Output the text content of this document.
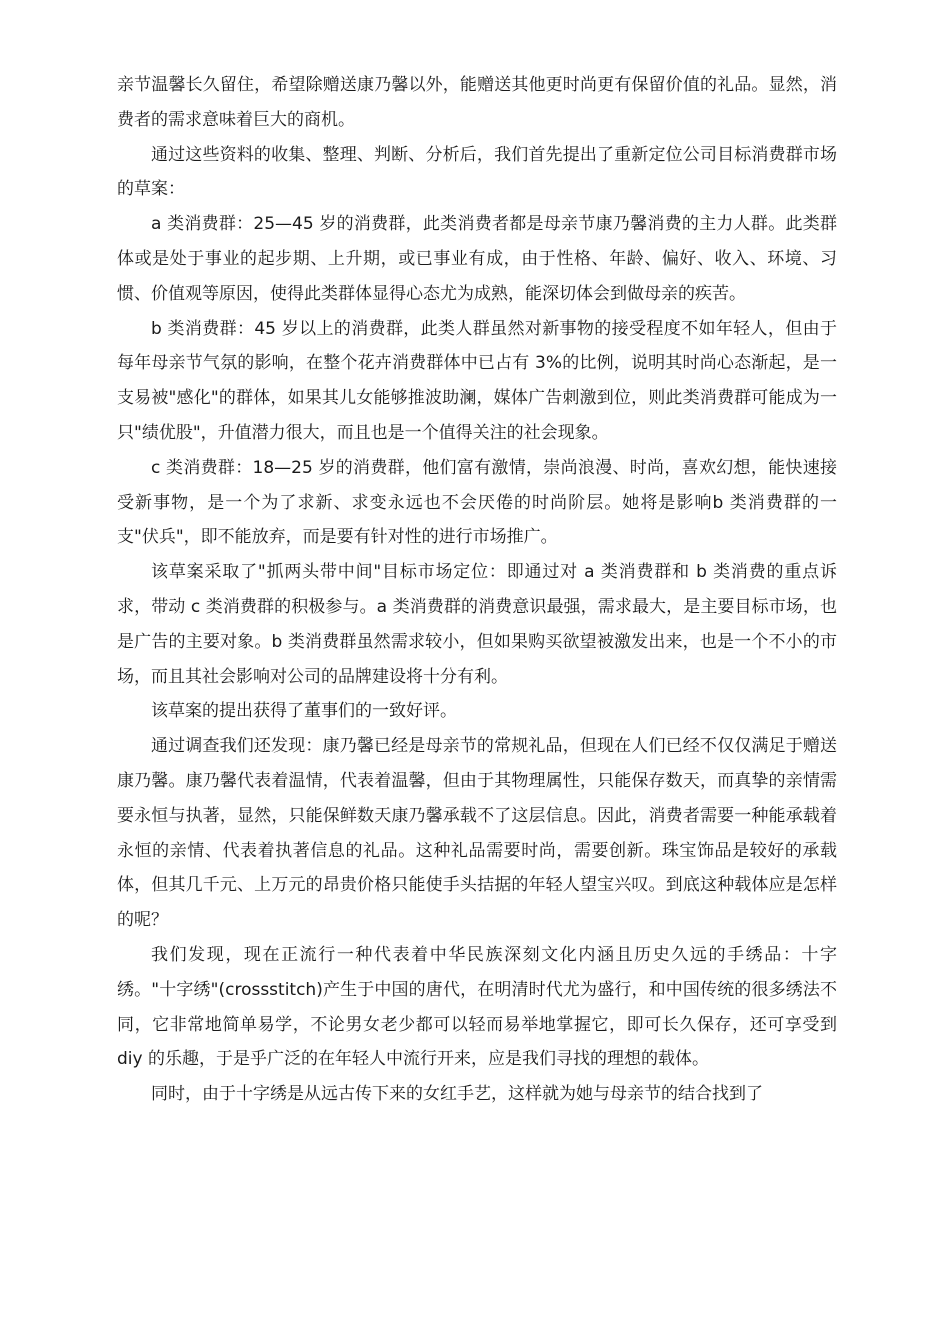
亲节温馨长久留住，希望除赠送康乃馨以外，能赠送其他更时尚更有保留价值的礼品。显然，消费者的需求意味着巨大的商机。

通过这些资料的收集、整理、判断、分析后，我们首先提出了重新定位公司目标消费群市场的草案：

a 类消费群：25—45 岁的消费群，此类消费者都是母亲节康乃馨消费的主力人群。此类群体或是处于事业的起步期、上升期，或已事业有成，由于性格、年龄、偏好、收入、环境、习惯、价值观等原因，使得此类群体显得心态尤为成熟，能深切体会到做母亲的疾苦。

b 类消费群：45 岁以上的消费群，此类人群虽然对新事物的接受程度不如年轻人，但由于每年母亲节气氛的影响，在整个花卉消费群体中已占有 3%的比例，说明其时尚心态渐起，是一支易被"感化"的群体，如果其儿女能够推波助澜，媒体广告刺激到位，则此类消费群可能成为一只"绩优股"，升值潜力很大，而且也是一个值得关注的社会现象。

c 类消费群：18—25 岁的消费群，他们富有激情，崇尚浪漫、时尚，喜欢幻想，能快速接受新事物，是一个为了求新、求变永远也不会厌倦的时尚阶层。她将是影响b 类消费群的一支"伏兵"，即不能放弃，而是要有针对性的进行市场推广。

该草案采取了"抓两头带中间"目标市场定位：即通过对 a 类消费群和 b 类消费的重点诉求，带动 c 类消费群的积极参与。a 类消费群的消费意识最强，需求最大，是主要目标市场，也是广告的主要对象。b 类消费群虽然需求较小，但如果购买欲望被激发出来，也是一个不小的市场，而且其社会影响对公司的品牌建设将十分有利。

该草案的提出获得了董事们的一致好评。

通过调查我们还发现：康乃馨已经是母亲节的常规礼品，但现在人们已经不仅仅满足于赠送康乃馨。康乃馨代表着温情，代表着温馨，但由于其物理属性，只能保存数天，而真挚的亲情需要永恒与执著，显然，只能保鲜数天康乃馨承载不了这层信息。因此，消费者需要一种能承载着永恒的亲情、代表着执著信息的礼品。这种礼品需要时尚，需要创新。珠宝饰品是较好的承载体，但其几千元、上万元的昂贵价格只能使手头拮据的年轻人望宝兴叹。到底这种载体应是怎样的呢？

我们发现，现在正流行一种代表着中华民族深刻文化内涵且历史久远的手绣品：十字绣。"十字绣"(crossstitch)产生于中国的唐代，在明清时代尤为盛行，和中国传统的很多绣法不同，它非常地简单易学，不论男女老少都可以轻而易举地掌握它，即可长久保存，还可享受到 diy 的乐趣，于是乎广泛的在年轻人中流行开来，应是我们寻找的理想的载体。

同时，由于十字绣是从远古传下来的女红手艺，这样就为她与母亲节的结合找到了
